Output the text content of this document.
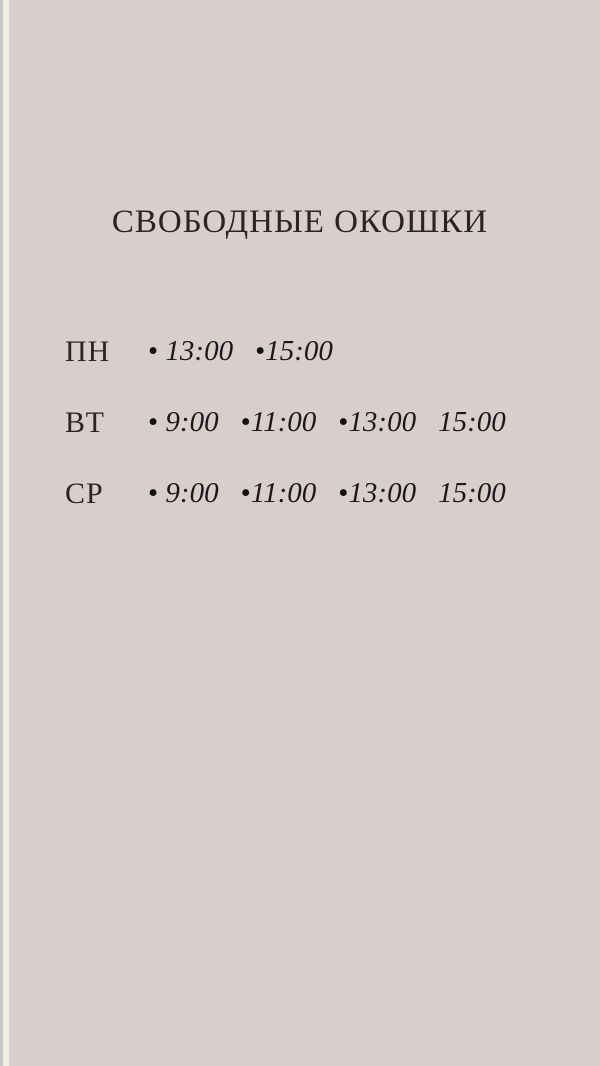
СВОБОДНЫЕ ОКОШКИ
ПН	• 13:00 •15:00
ВТ	• 9:00 •11:00 •13:00 15:00
СР	• 9:00 •11:00 •13:00 15:00
